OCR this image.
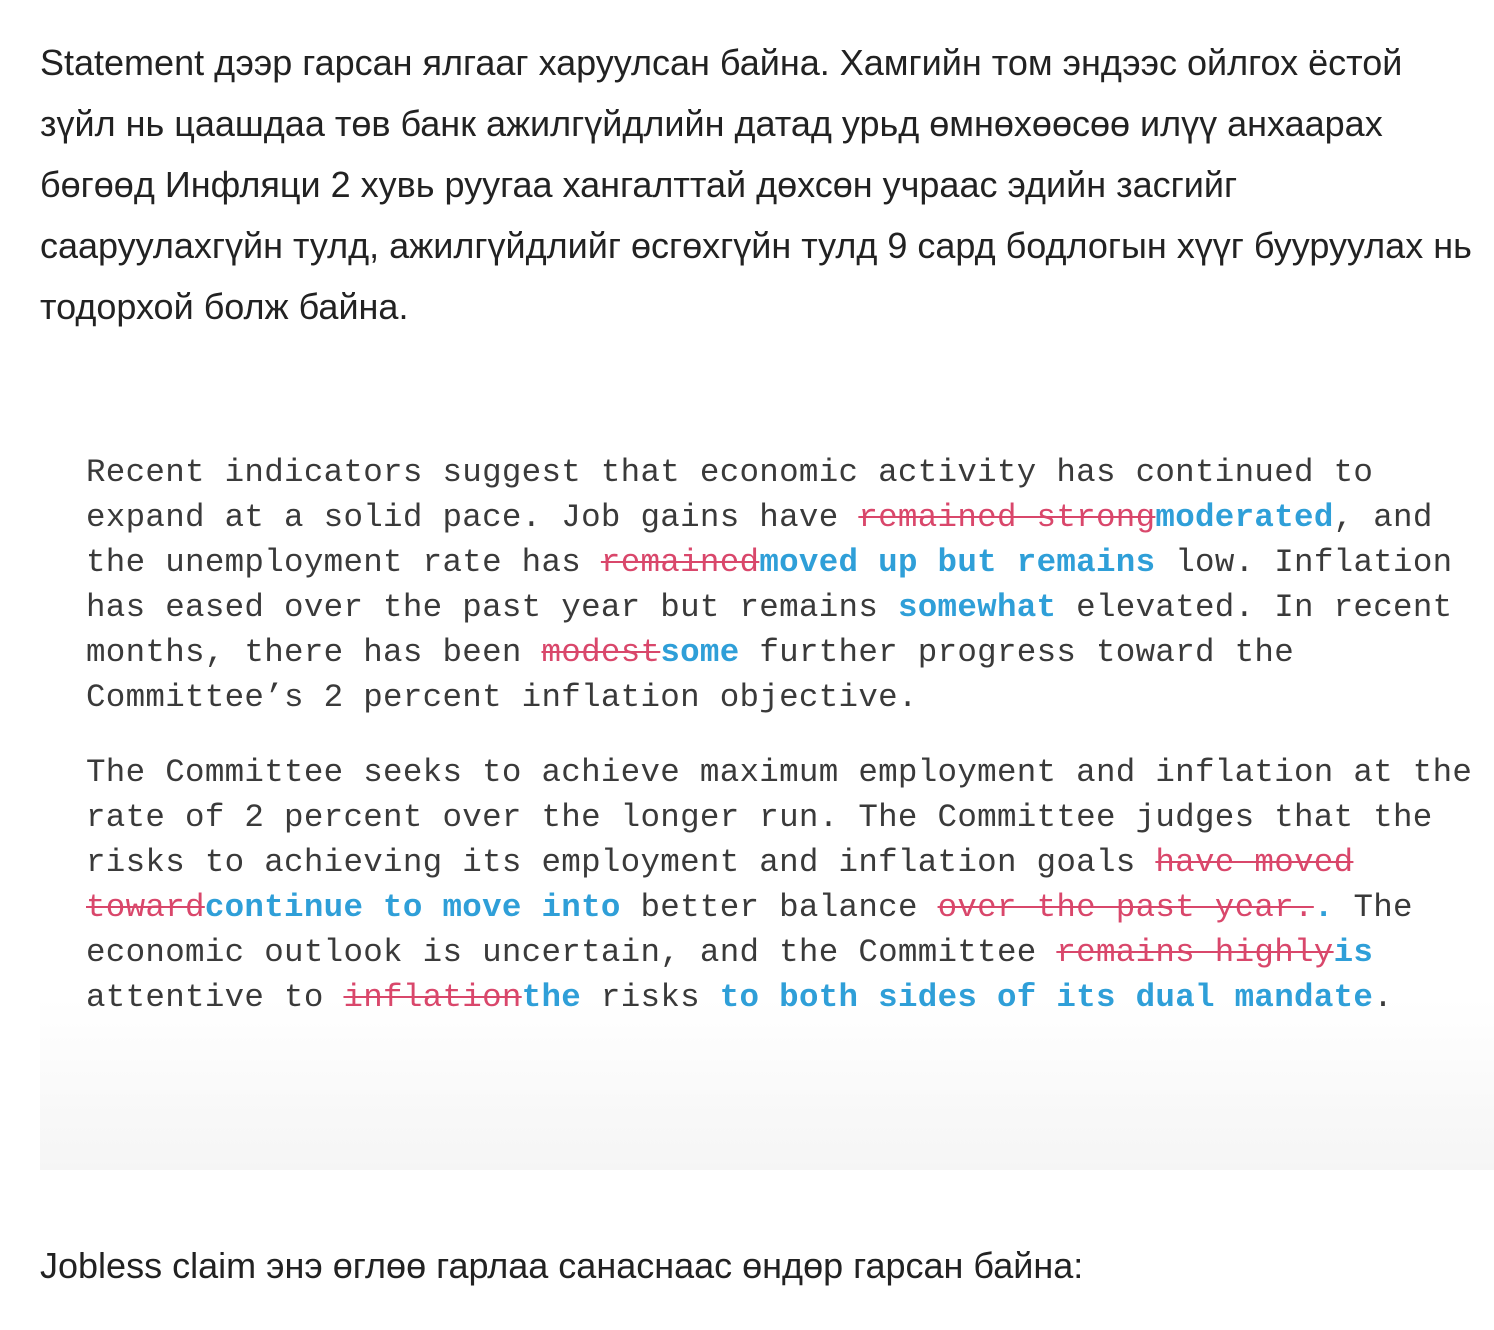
Statement дээр гарсан ялгааг харуулсан байна. Хамгийн том эндээс ойлгох ёстой зүйл нь цаашдаа төв банк ажилгүйдлийн датад урьд өмнөхөөсөө илүү анхаарах бөгөөд Инфляци 2 хувь руугаа хангалттай дөхсөн учраас эдийн засгийг сааруулахгүйн тулд, ажилгүйдлийг өсгөхгүйн тулд 9 сард бодлогын хүүг бууруулах нь тодорхой болж байна.

Recent indicators suggest that economic activity has continued to expand at a solid pace. Job gains have remained strongmoderated, and the unemployment rate has remainedmoved up but remains low. Inflation has eased over the past year but remains somewhat elevated. In recent months, there has been modestsome further progress toward the Committee’s 2 percent inflation objective.

The Committee seeks to achieve maximum employment and inflation at the rate of 2 percent over the longer run. The Committee judges that the risks to achieving its employment and inflation goals have moved towardcontinue to move into better balance over the past year.. The economic outlook is uncertain, and the Committee remains highlyis attentive to inflationthe risks to both sides of its dual mandate.

Jobless claim энэ өглөө гарлаа санаснаас өндөр гарсан байна:
